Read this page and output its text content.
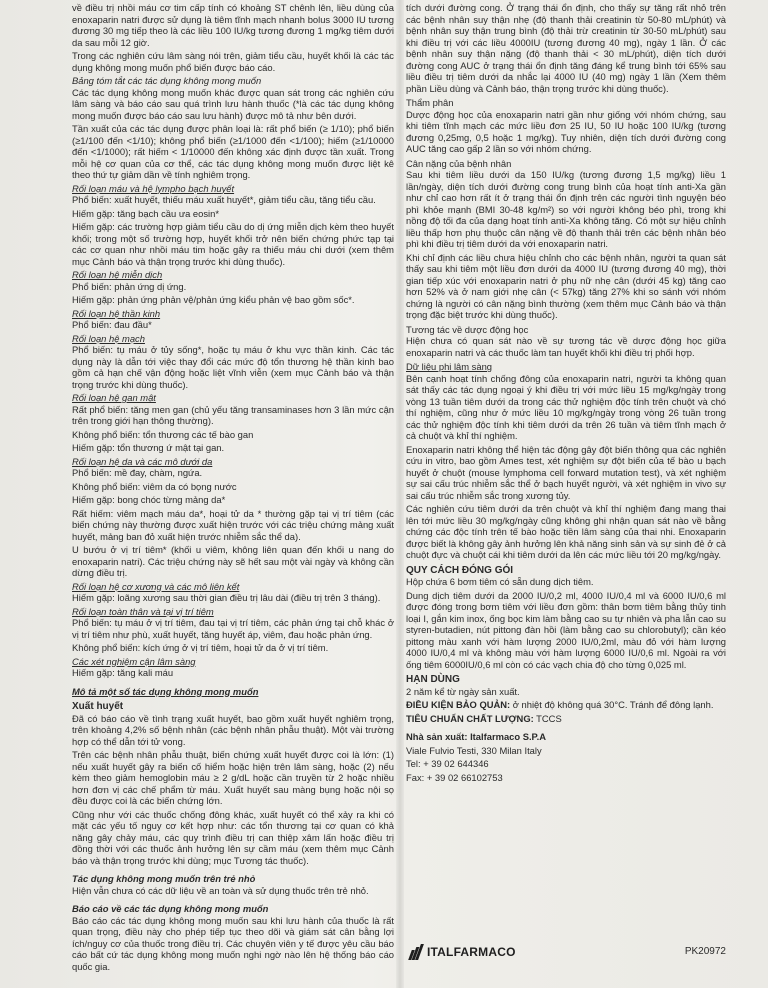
về điều trị nhồi máu cơ tim cấp tính có khoảng ST chênh lên, liều dùng của enoxaparin natri được sử dụng là tiêm tĩnh mạch nhanh bolus 3000 IU tương đương 30 mg tiếp theo là các liều 100 IU/kg tương đương 1 mg/kg tiêm dưới da sau mỗi 12 giờ.

Trong các nghiên cứu lâm sàng nói trên, giảm tiểu cầu, huyết khối là các tác dụng không mong muốn phổ biến được báo cáo.

Bảng tóm tắt các tác dụng không mong muốn

Các tác dụng không mong muốn khác được quan sát trong các nghiên cứu lâm sàng và báo cáo sau quá trình lưu hành thuốc (*là các tác dụng không mong muốn được báo cáo sau lưu hành) được mô tả như bên dưới.

Tần xuất của các tác dụng được phân loại là: rất phổ biến (≥ 1/10); phổ biến (≥1/100 đến <1/10); không phổ biến (≥1/1000 đến <1/100); hiếm (≥1/10000 đến <1/1000); rất hiếm < 1/10000 đến không xác định được tần xuất. Trong mỗi hệ cơ quan của cơ thể, các tác dụng không mong muốn được liệt kê theo thứ tự giảm dần về tính nghiêm trọng.

Rối loạn máu và hệ lympho bạch huyết

Phổ biến: xuất huyết, thiếu máu xuất huyết*, giảm tiểu cầu, tăng tiểu cầu.

Hiếm gặp: tăng bạch cầu ưa eosin*

Hiếm gặp: các trường hợp giảm tiểu cầu do dị ứng miễn dịch kèm theo huyết khối; trong một số trường hợp, huyết khối trở nên biến chứng phức tạp tại các cơ quan như nhồi máu tim hoặc gây ra thiếu máu chi dưới (xem thêm mục Cảnh báo và thận trọng trước khi dùng thuốc).

Rối loạn hệ miễn dịch

Phổ biến: phản ứng dị ứng.

Hiếm gặp: phản ứng phản vệ/phản ứng kiểu phản vệ bao gồm sốc*.

Rối loạn hệ thần kinh

Phổ biến: đau đầu*

Rối loạn hệ mạch

Phổ biến: tụ máu ở tủy sống*, hoặc tụ máu ở khu vực thần kinh. Các tác dụng này là dẫn tới việc thay đổi các mức độ tổn thương hệ thần kinh bao gồm cả hạn chế vận động hoặc liệt vĩnh viễn (xem mục Cảnh báo và thận trọng trước khi dùng thuốc).

Rối loạn hệ gan mật

Rất phổ biến: tăng men gan (chủ yếu tăng transaminases hơn 3 lần mức cận trên trong giới hạn thông thường).

Không phổ biến: tổn thương các tế bào gan

Hiếm gặp: tổn thương ứ mật tại gan.

Rối loạn hệ da và các mô dưới da

Phổ biến: mề đay, chàm, ngứa.

Không phổ biến: viêm da có bọng nước

Hiếm gặp: bong chóc từng mảng da*

Rất hiếm: viêm mạch máu da*, hoại tử da * thường gặp tại vị trí tiêm (các biến chứng này thường được xuất hiện trước với các triệu chứng mảng xuất huyết, mảng ban đỏ xuất hiện trước nhiễm sắc thể da).

U bướu ở vị trí tiêm* (khối u viêm, không liên quan đến khối u nang do enoxaparin natri). Các triệu chứng này sẽ hết sau một vài ngày và không cần dừng điều trị.

Rối loạn hệ cơ xương và các mô liên kết

Hiếm gặp: loãng xương sau thời gian điều trị lâu dài (điều trị trên 3 tháng).

Rối loạn toàn thân và tại vị trí tiêm

Phổ biến: tụ máu ở vị trí tiêm, đau tại vị trí tiêm, các phản ứng tại chỗ khác ở vị trí tiêm như phù, xuất huyết, tăng huyết áp, viêm, đau hoặc phản ứng.

Không phổ biến: kích ứng ở vị trí tiêm, hoại tử da ở vị trí tiêm.

Các xét nghiệm cận lâm sàng

Hiếm gặp: tăng kali máu

Mô tả một số tác dụng không mong muốn
Xuất huyết

Đã có báo cáo về tình trạng xuất huyết, bao gồm xuất huyết nghiêm trọng, trên khoảng 4,2% số bệnh nhân (các bệnh nhân phẫu thuật). Một vài trường hợp có thể dẫn tới tử vong.

Trên các bệnh nhân phẫu thuật, biến chứng xuất huyết được coi là lớn: (1) nếu xuất huyết gây ra biến cố hiểm hoặc hiện trên lâm sàng, hoặc (2) nếu kèm theo giảm hemoglobin máu ≥ 2 g/dL hoặc cần truyền từ 2 hoặc nhiều hơn đơn vị các chế phẩm từ máu. Xuất huyết sau màng bụng hoặc nội sọ đều được coi là các biến chứng lớn.

Cũng như với các thuốc chống đông khác, xuất huyết có thể xảy ra khi có mặt các yếu tố nguy cơ kết hợp như: các tổn thương tại cơ quan có khả năng gây chảy máu, các quy trình điều trị can thiệp xâm lấn hoặc điều trị đồng thời với các thuốc ảnh hưởng lên sự cầm máu (xem thêm mục Cảnh báo và thận trọng trước khi dùng; mục Tương tác thuốc).

Tác dụng không mong muốn trên trẻ nhỏ

Hiện vẫn chưa có các dữ liệu về an toàn và sử dụng thuốc trên trẻ nhỏ.

Báo cáo về các tác dụng không mong muốn

Báo cáo các tác dụng không mong muốn sau khi lưu hành của thuốc là rất quan trọng, điều này cho phép tiếp tục theo dõi và giám sát cân bằng lợi ích/nguy cơ của thuốc trong điều trị. Các chuyên viên y tế được yêu cầu báo cáo bất cứ tác dụng không mong muốn nghi ngờ nào lên hệ thống báo cáo quốc gia.

tích dưới đường cong. Ở trạng thái ổn định, cho thấy sự tăng rất nhỏ trên các bệnh nhân suy thận nhẹ (độ thanh thải creatinin từ 50-80 mL/phút) và bệnh nhân suy thận trung bình (độ thải trừ creatinin từ 30-50 mL/phút) sau khi điều trị với các liều 4000IU (tương đương 40 mg), ngày 1 lần. Ở các bệnh nhân suy thận nặng (độ thanh thải < 30 mL/phút), diện tích dưới đường cong AUC ở trạng thái ổn định tăng đáng kể trung bình tới 65% sau liều điều trị tiêm dưới da nhắc lại 4000 IU (40 mg) ngày 1 lần (Xem thêm phần Liều dùng và Cảnh báo, thận trọng trước khi dùng thuốc).

Thẩm phân

Dược động học của enoxaparin natri gần như giống với nhóm chứng, sau khi tiêm tĩnh mạch các mức liều đơn 25 IU, 50 IU hoặc 100 IU/kg (tương đương 0,25mg, 0,5 hoặc 1 mg/kg). Tuy nhiên, diện tích dưới đường cong AUC tăng cao gấp 2 lần so với nhóm chứng.

Cân nặng của bệnh nhân

Sau khi tiêm liều dưới da 150 IU/kg (tương đương 1,5 mg/kg) liều 1 lần/ngày, diện tích dưới đường cong trung bình của hoạt tính anti-Xa gần như chỉ cao hơn rất ít ở trạng thái ổn định trên các người tình nguyện béo phì khỏe mạnh (BMI 30-48 kg/m²) so với người không béo phì, trong khi nồng độ tối đa của dạng hoạt tính anti-Xa không tăng. Có một sự hiệu chỉnh liều thấp hơn phụ thuộc cân nặng về độ thanh thải trên các bệnh nhân béo phì khi điều trị tiêm dưới da với enoxaparin natri.

Khi chỉ định các liều chưa hiệu chỉnh cho các bệnh nhân, người ta quan sát thấy sau khi tiêm một liều đơn dưới da 4000 IU (tương đương 40 mg), thời gian tiếp xúc với enoxaparin natri ở phụ nữ nhẹ cân (dưới 45 kg) tăng cao hơn 52% và ở nam giới nhẹ cân (< 57kg) tăng 27% khi so sánh với nhóm chứng là người có cân nặng bình thường (xem thêm mục Cảnh báo và thận trọng đặc biệt trước khi dùng thuốc).

Tương tác về dược động học

Hiện chưa có quan sát nào về sự tương tác về dược động học giữa enoxaparin natri và các thuốc làm tan huyết khối khi điều trị phối hợp.

Dữ liệu phi lâm sàng

Bên cạnh hoạt tính chống đông của enoxaparin natri, người ta không quan sát thấy các tác dụng ngoại ý khi điều trị với mức liều 15 mg/kg/ngày trong vòng 13 tuần tiêm dưới da trong các thử nghiệm độc tính trên chuột và chó thí nghiệm, cũng như ở mức liều 10 mg/kg/ngày trong vòng 26 tuần trong các thử nghiệm độc tính khi tiêm dưới da trên 26 tuần và tiêm tĩnh mạch ở cả chuột và khỉ thí nghiệm.

Enoxaparin natri không thể hiện tác động gây đột biến thông qua các nghiên cứu in vitro, bao gồm Ames test, xét nghiệm sự đột biến của tế bào u bạch huyết ở chuột (mouse lymphoma cell forward mutation test), và xét nghiệm sự sai cấu trúc nhiễm sắc thể ở bạch huyết người, và xét nghiệm in vivo sự sai cấu trúc nhiễm sắc trong xương tủy.

Các nghiên cứu tiêm dưới da trên chuột và khỉ thí nghiệm đang mang thai lên tới mức liều 30 mg/kg/ngày cũng không ghi nhận quan sát nào về bằng chứng các độc tính trên tế bào hoặc tiền lâm sàng của thai nhi. Enoxaparin được biết là không gây ảnh hưởng lên khả năng sinh sản và sự sinh đẻ ở cả chuột đực và chuột cái khi tiêm dưới da lên các mức liều tới 20 mg/kg/ngày.

QUY CÁCH ĐÓNG GÓI

Hộp chứa 6 bơm tiêm có sẵn dung dịch tiêm.

Dung dịch tiêm dưới da 2000 IU/0,2 ml, 4000 IU/0,4 ml và 6000 IU/0,6 ml được đóng trong bơm tiêm với liều đơn gồm: thân bơm tiêm bằng thủy tinh loại I, gắn kim inox, ống bọc kim làm bằng cao su tự nhiên và pha lẫn cao su styren-butadien, nút pittong đàn hồi (làm bằng cao su chlorobutyl); cần kéo pittong màu xanh với hàm lượng 2000 IU/0,2ml, màu đỏ với hàm lượng 4000 IU/0,4 ml và không màu với hàm lượng 6000 IU/0,6 ml. Ngoài ra với ống tiêm 6000IU/0,6 ml còn có các vạch chia độ cho từng 0,025 ml.

HẠN DÙNG

2 năm kể từ ngày sản xuất.

ĐIỀU KIỆN BẢO QUẢN: ở nhiệt độ không quá 30°C. Tránh để đông lạnh.

TIÊU CHUẨN CHẤT LƯỢNG: TCCS

Nhà sản xuất: Italfarmaco S.P.A

Viale Fulvio Testi, 330 Milan Italy

Tel: + 39 02 644346

Fax: + 39 02 66102753

ITALFARMACO	PK20972
